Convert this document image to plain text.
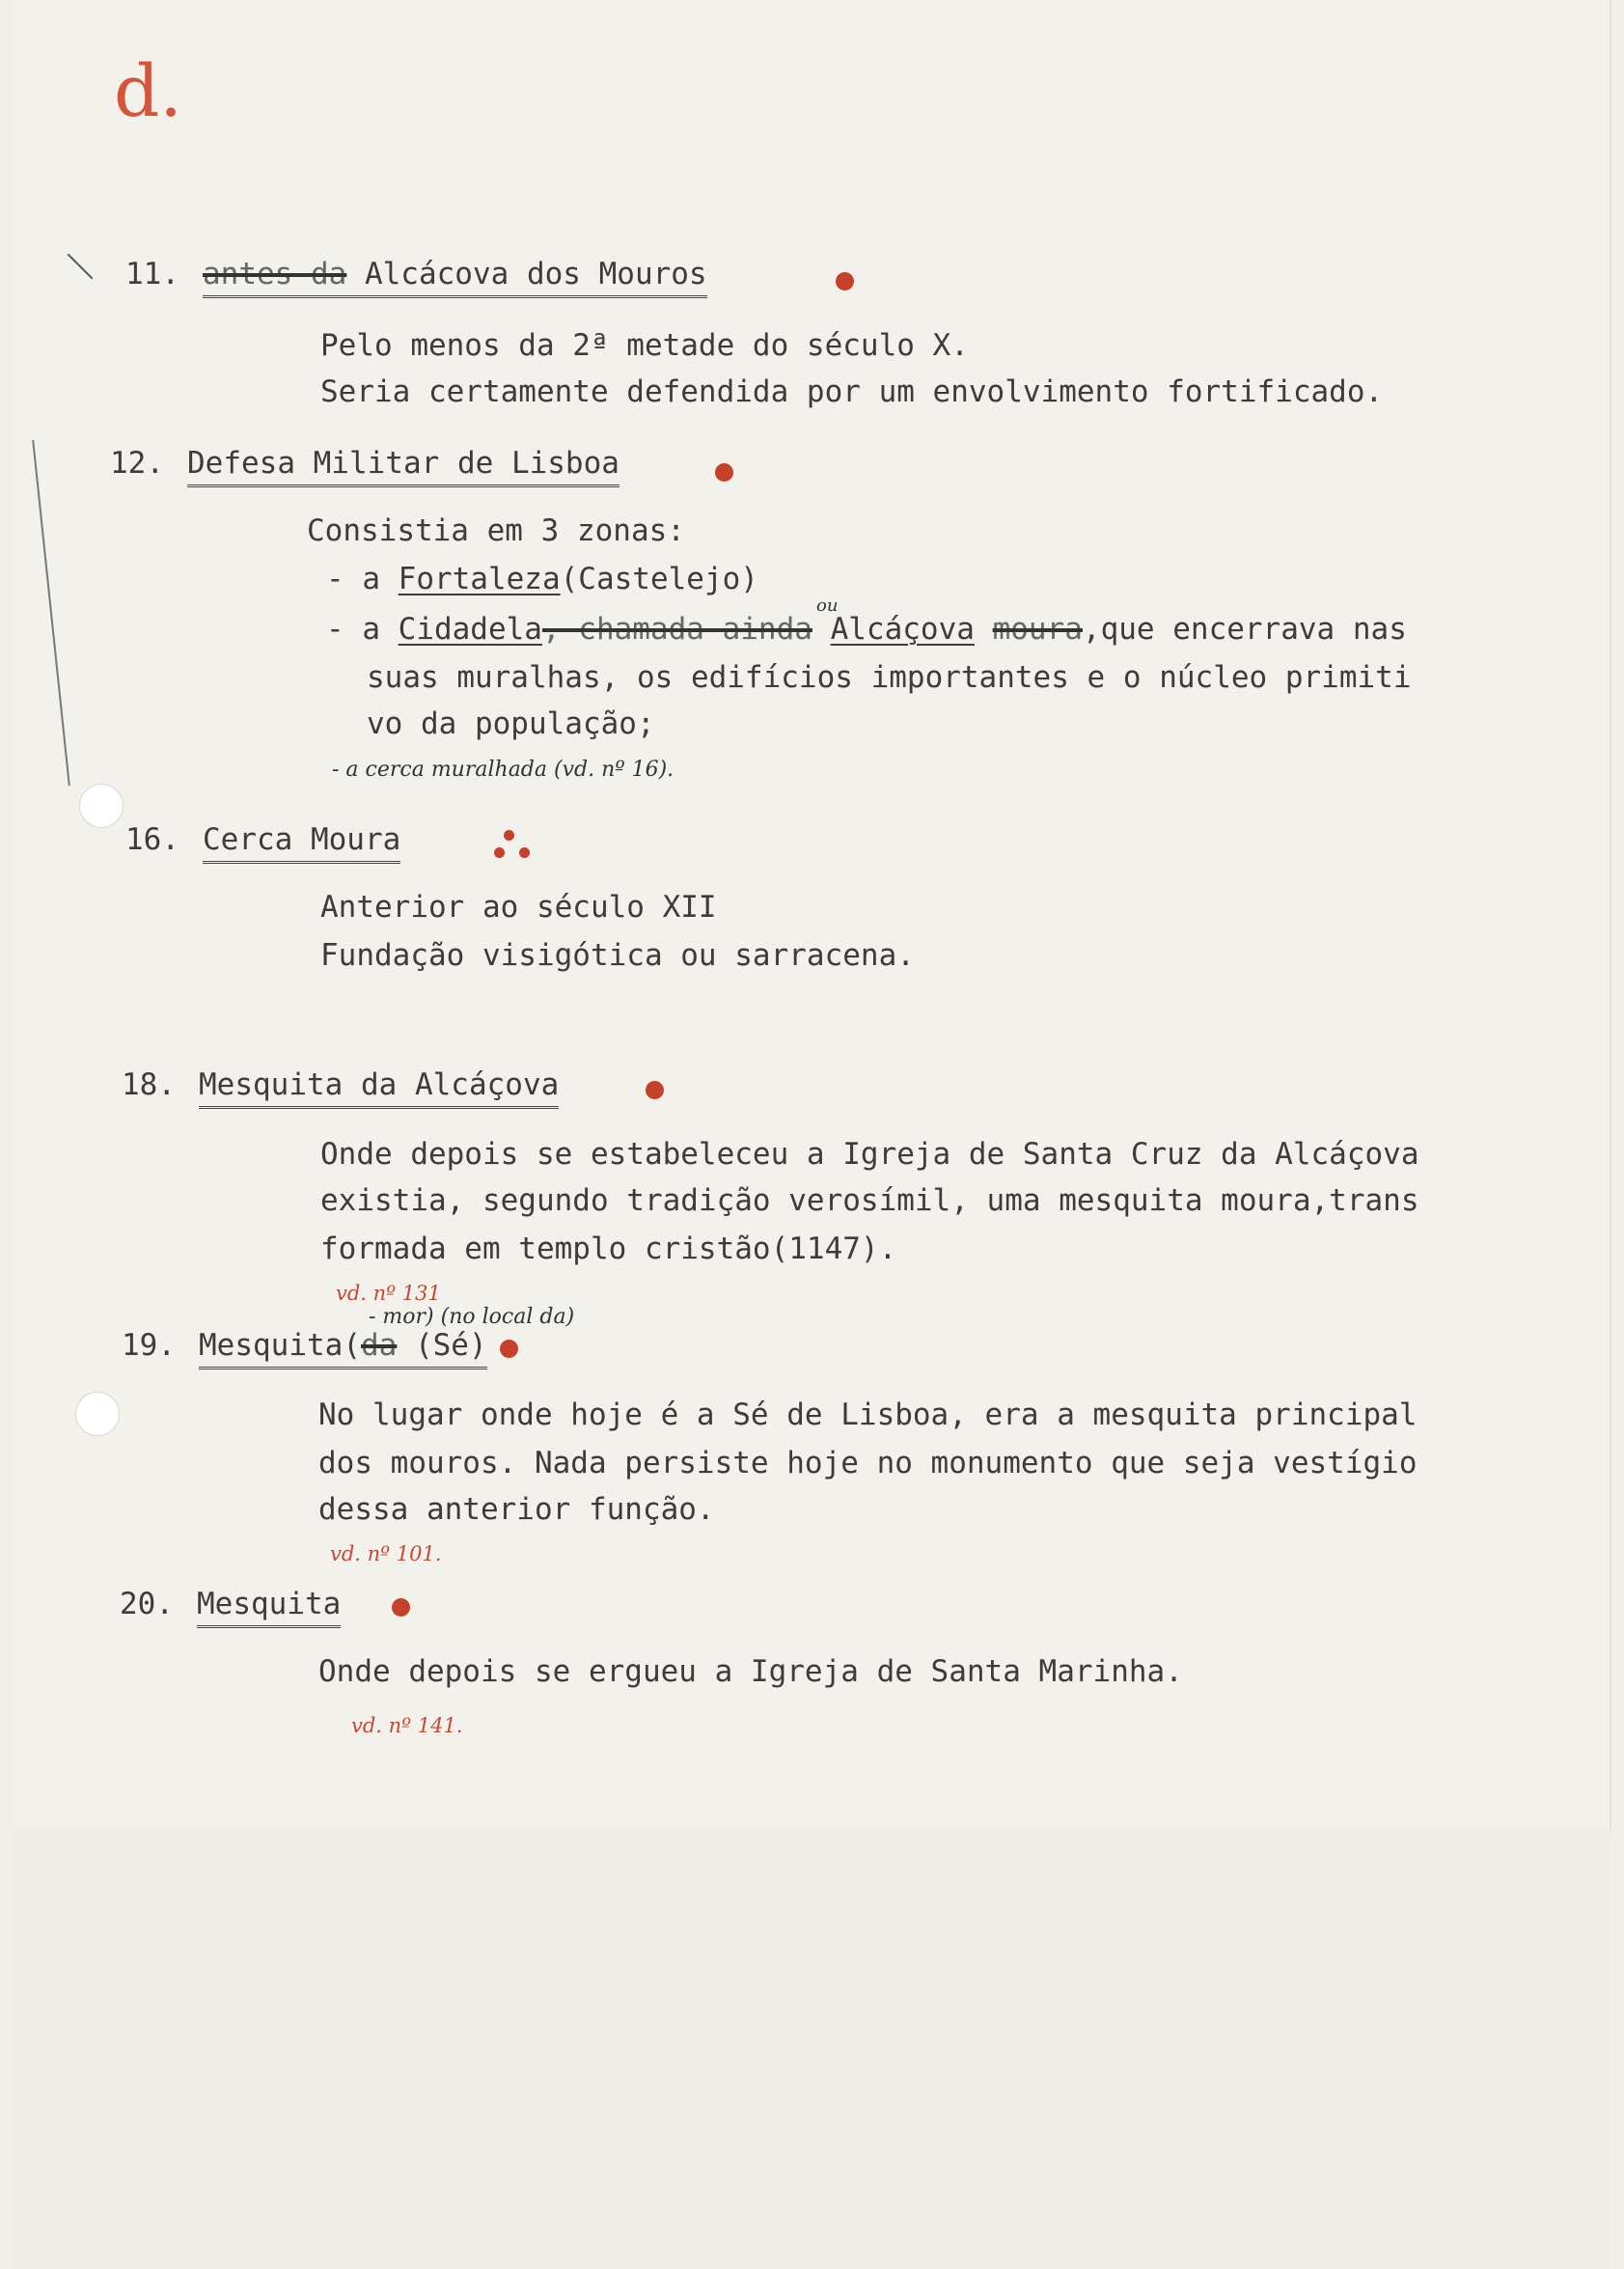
d.
11. antes da Alcácova dos Mouros
Pelo menos da 2ª metade do século X.
Seria certamente defendida por um envolvimento fortificado.
12. Defesa Militar de Lisboa
Consistia em 3 zonas:
- a Fortaleza(Castelejo)
ou
- a Cidadela, chamada ainda Alcáçova moura,que encerrava nas
suas muralhas, os edifícios importantes e o núcleo primiti
vo da população;
- a cerca muralhada (vd. nº 16).
16. Cerca Moura
Anterior ao século XII
Fundação visigótica ou sarracena.
18. Mesquita da Alcáçova
Onde depois se estabeleceu a Igreja de Santa Cruz da Alcáçova
existia, segundo tradição verosímil, uma mesquita moura,trans
formada em templo cristão(1147).
vd. nº 131
- mor) (no local da)
19. Mesquita(da (Sé)
No lugar onde hoje é a Sé de Lisboa, era a mesquita principal
dos mouros. Nada persiste hoje no monumento que seja vestígio
dessa anterior função.
vd. nº 101.
20. Mesquita
Onde depois se ergueu a Igreja de Santa Marinha.
vd. nº 141.
